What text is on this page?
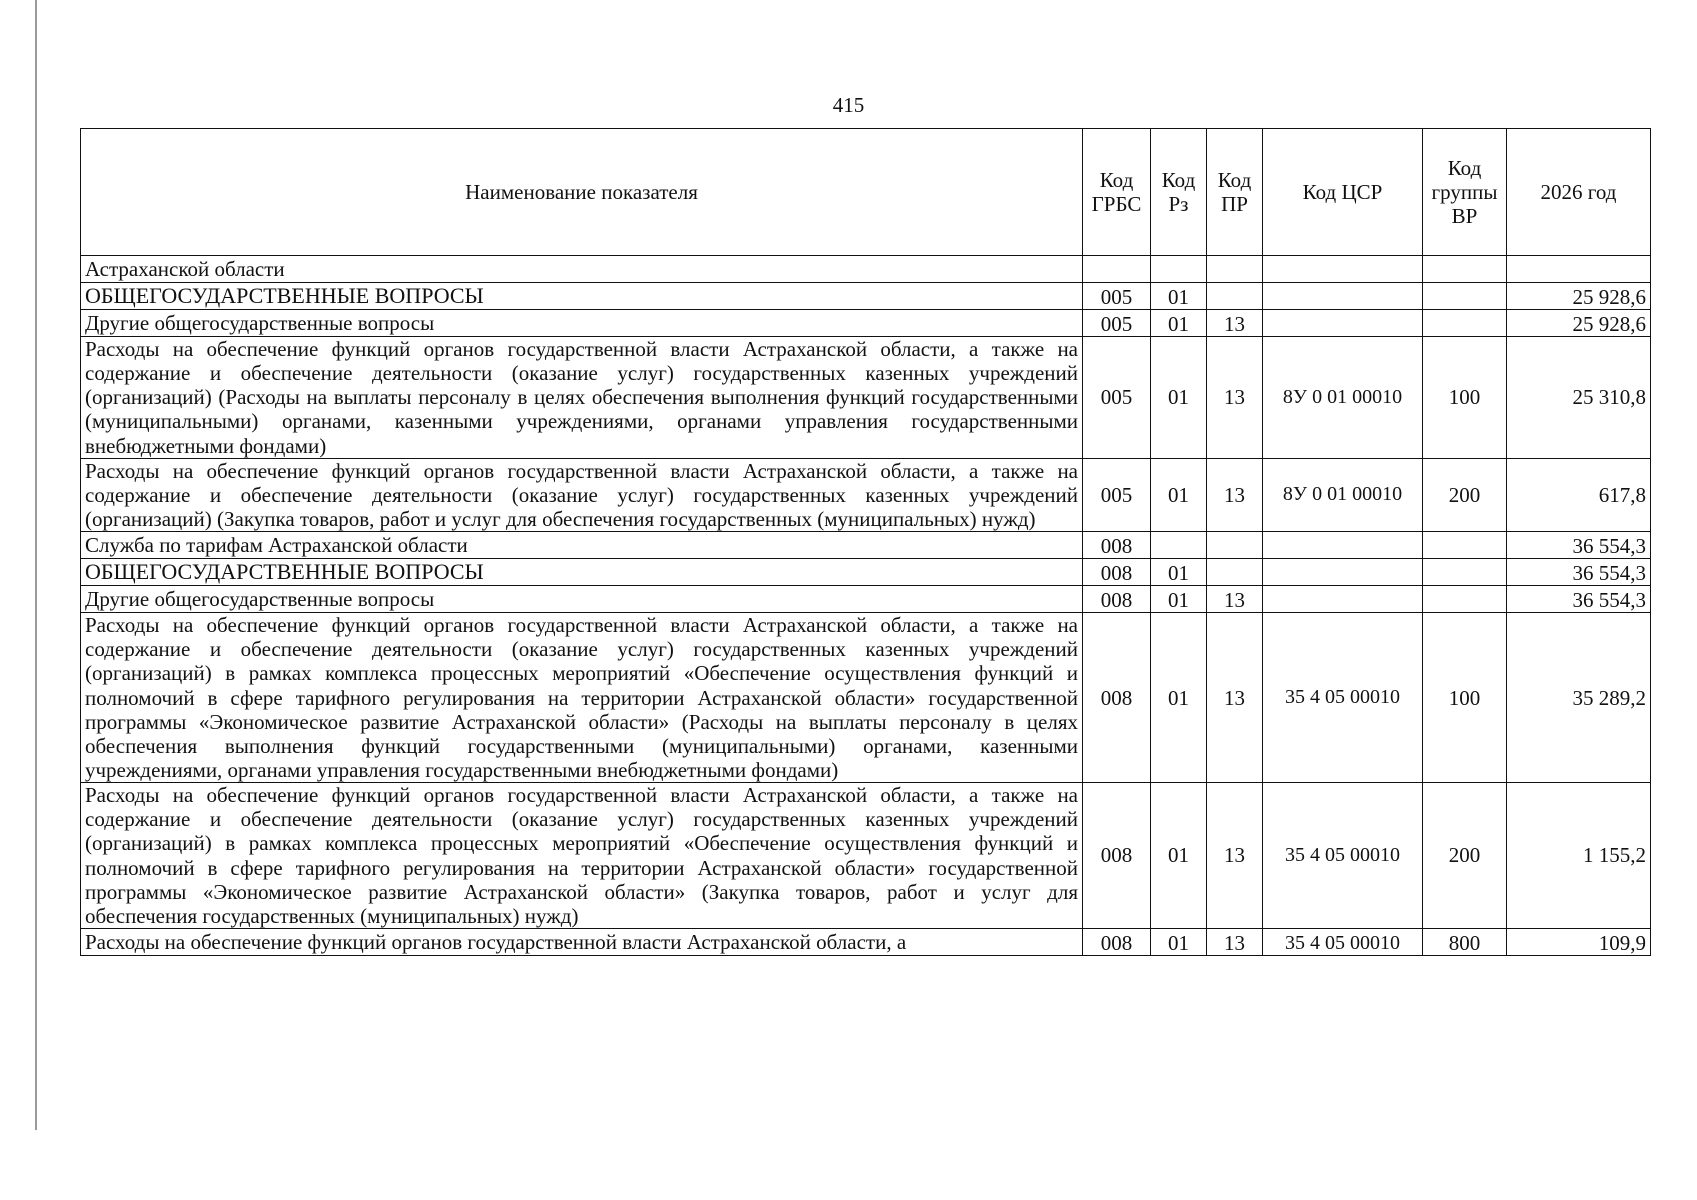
415
Наименование показателя	Код ГРБС	Код Рз	Код ПР	Код ЦСР	Код группы ВР	2026 год
Астраханской области						
ОБЩЕГОСУДАРСТВЕННЫЕ ВОПРОСЫ	005	01				25 928,6
Другие общегосударственные вопросы	005	01	13			25 928,6
Расходы на обеспечение функций органов государственной власти Астраханской области, а также на содержание и обеспечение деятельности (оказание услуг) государственных казенных учреждений (организаций) (Расходы на выплаты персоналу в целях обеспечения выполнения функций государственными (муниципальными) органами, казенными учреждениями, органами управления государственными внебюджетными фондами)	005	01	13	8У 0 01 00010	100	25 310,8
Расходы на обеспечение функций органов государственной власти Астраханской области, а также на содержание и обеспечение деятельности (оказание услуг) государственных казенных учреждений (организаций) (Закупка товаров, работ и услуг для обеспечения государственных (муниципальных) нужд)	005	01	13	8У 0 01 00010	200	617,8
Служба по тарифам Астраханской области	008					36 554,3
ОБЩЕГОСУДАРСТВЕННЫЕ ВОПРОСЫ	008	01				36 554,3
Другие общегосударственные вопросы	008	01	13			36 554,3
Расходы на обеспечение функций органов государственной власти Астраханской области, а также на содержание и обеспечение деятельности (оказание услуг) государственных казенных учреждений (организаций) в рамках комплекса процессных мероприятий «Обеспечение осуществления функций и полномочий в сфере тарифного регулирования на территории Астраханской области» государственной программы «Экономическое развитие Астраханской области» (Расходы на выплаты персоналу в целях обеспечения выполнения функций государственными (муниципальными) органами, казенными учреждениями, органами управления государственными внебюджетными фондами)	008	01	13	35 4 05 00010	100	35 289,2
Расходы на обеспечение функций органов государственной власти Астраханской области, а также на содержание и обеспечение деятельности (оказание услуг) государственных казенных учреждений (организаций) в рамках комплекса процессных мероприятий «Обеспечение осуществления функций и полномочий в сфере тарифного регулирования на территории Астраханской области» государственной программы «Экономическое развитие Астраханской области» (Закупка товаров, работ и услуг для обеспечения государственных (муниципальных) нужд)	008	01	13	35 4 05 00010	200	1 155,2
Расходы на обеспечение функций органов государственной власти Астраханской области, а	008	01	13	35 4 05 00010	800	109,9
